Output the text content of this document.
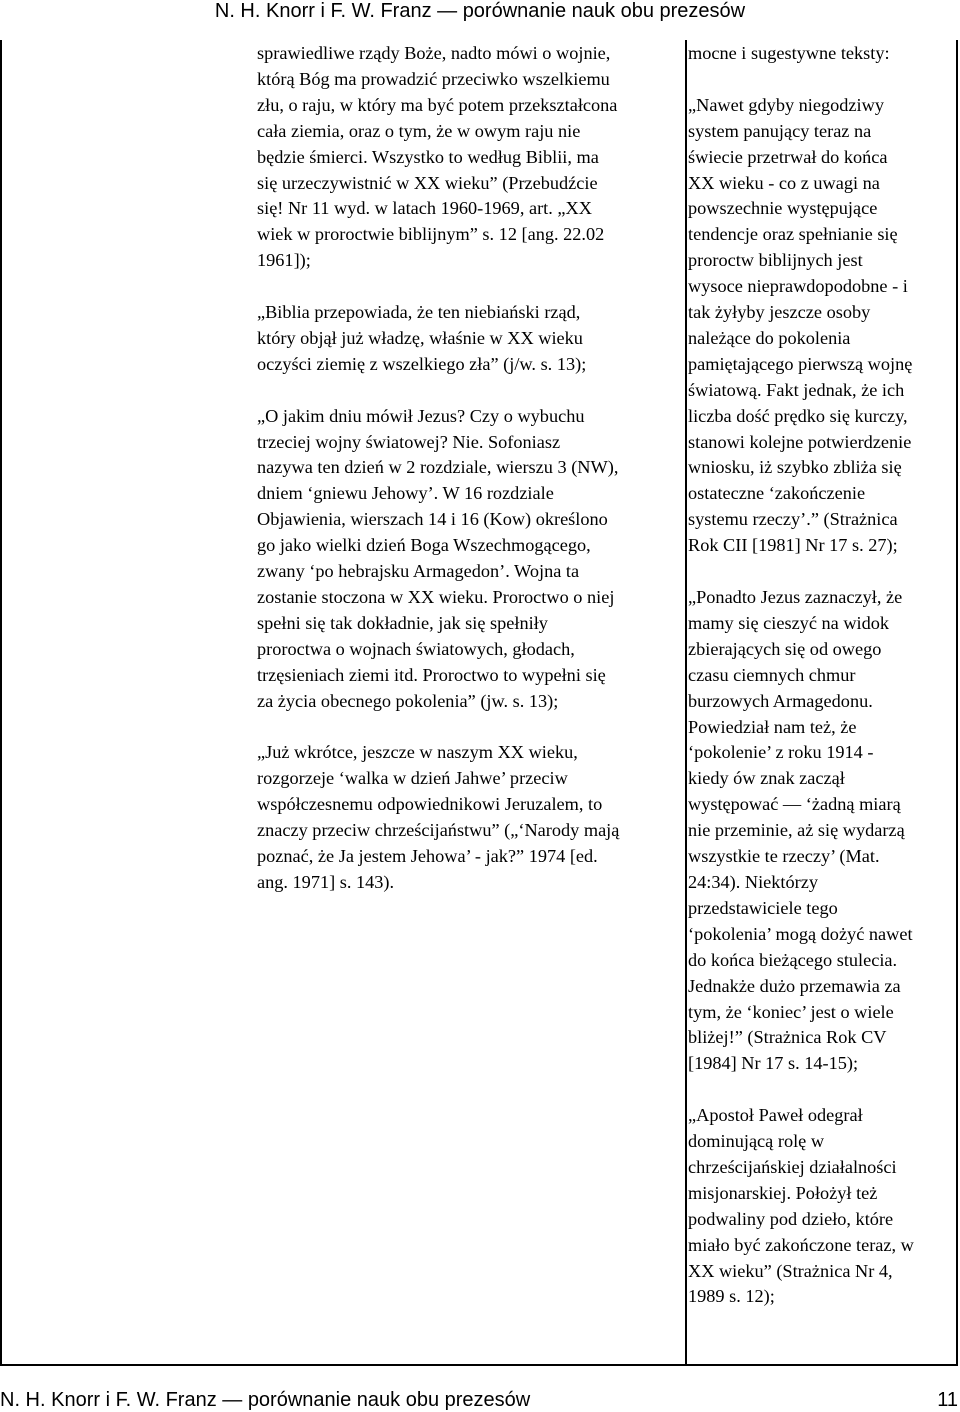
N. H. Knorr i F. W. Franz — porównanie nauk obu prezesów

sprawiedliwe rządy Boże, nadto mówi o wojnie,
którą Bóg ma prowadzić przeciwko wszelkiemu
złu, o raju, w który ma być potem przekształcona
cała ziemia, oraz o tym, że w owym raju nie
będzie śmierci. Wszystko to według Biblii, ma
się urzeczywistnić w XX wieku” (Przebudźcie
się! Nr 11 wyd. w latach 1960-1969, art. „XX
wiek w proroctwie biblijnym” s. 12 [ang. 22.02
1961]);

„Biblia przepowiada, że ten niebiański rząd,
który objął już władzę, właśnie w XX wieku
oczyści ziemię z wszelkiego zła” (j/w. s. 13);

„O jakim dniu mówił Jezus? Czy o wybuchu
trzeciej wojny światowej? Nie. Sofoniasz
nazywa ten dzień w 2 rozdziale, wierszu 3 (NW),
dniem ‘gniewu Jehowy’. W 16 rozdziale
Objawienia, wierszach 14 i 16 (Kow) określono
go jako wielki dzień Boga Wszechmogącego,
zwany ‘po hebrajsku Armagedon’. Wojna ta
zostanie stoczona w XX wieku. Proroctwo o niej
spełni się tak dokładnie, jak się spełniły
proroctwa o wojnach światowych, głodach,
trzęsieniach ziemi itd. Proroctwo to wypełni się
za życia obecnego pokolenia” (jw. s. 13);

„Już wkrótce, jeszcze w naszym XX wieku,
rozgorzeje ‘walka w dzień Jahwe’ przeciw
współczesnemu odpowiednikowi Jeruzalem, to
znaczy przeciw chrześcijaństwu” („‘Narody mają
poznać, że Ja jestem Jehowa’ - jak?” 1974 [ed.
ang. 1971] s. 143).

mocne i sugestywne teksty:

„Nawet gdyby niegodziwy
system panujący teraz na
świecie przetrwał do końca
XX wieku - co z uwagi na
powszechnie występujące
tendencje oraz spełnianie się
proroctw biblijnych jest
wysoce nieprawdopodobne - i
tak żyłyby jeszcze osoby
należące do pokolenia
pamiętającego pierwszą wojnę
światową. Fakt jednak, że ich
liczba dość prędko się kurczy,
stanowi kolejne potwierdzenie
wniosku, iż szybko zbliża się
ostateczne ‘zakończenie
systemu rzeczy’.” (Strażnica
Rok CII [1981] Nr 17 s. 27);

„Ponadto Jezus zaznaczył, że
mamy się cieszyć na widok
zbierających się od owego
czasu ciemnych chmur
burzowych Armagedonu.
Powiedział nam też, że
‘pokolenie’ z roku 1914 -
kiedy ów znak zaczął
występować — ‘żadną miarą
nie przeminie, aż się wydarzą
wszystkie te rzeczy’ (Mat.
24:34). Niektórzy
przedstawiciele tego
‘pokolenia’ mogą dożyć nawet
do końca bieżącego stulecia.
Jednakże dużo przemawia za
tym, że ‘koniec’ jest o wiele
bliżej!” (Strażnica Rok CV
[1984] Nr 17 s. 14-15);

„Apostoł Paweł odegrał
dominującą rolę w
chrześcijańskiej działalności
misjonarskiej. Położył też
podwaliny pod dzieło, które
miało być zakończone teraz, w
XX wieku” (Strażnica Nr 4,
1989 s. 12);

N. H. Knorr i F. W. Franz — porównanie nauk obu prezesów	11
